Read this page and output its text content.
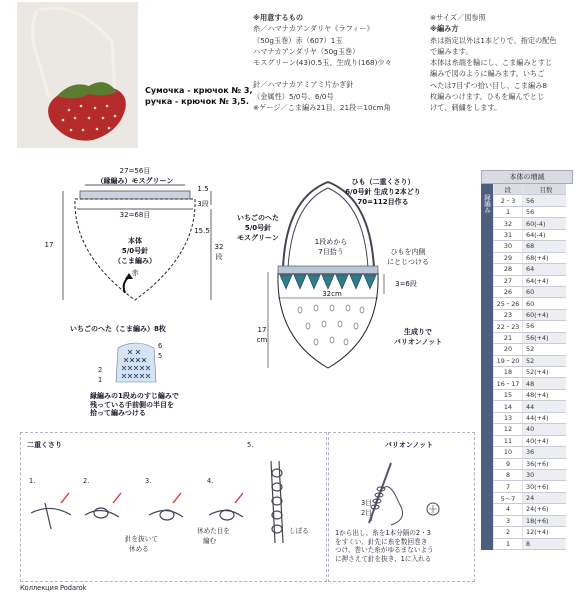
Сумочка - крючок № 3,
ручка - крючок № 3,5.
※用意するもの
糸／ハマナカアンダリヤ《ラフィー》
（50g玉巻）赤（607）1玉
ハマナカアンダリヤ（50g玉巻）
モスグリーン(43)0.5玉、生成り(168)少々
針／ハマナカアミアミ片かぎ針
（金属性）5/0号、6/0号
※ゲージ／こま編み21目、21段＝10cm角
※サイズ／図参照
※編み方
糸は指定以外は1本どりで、指定の配色
で編みます。
本体は糸端を輪にし、こま編みとすじ
編みで図のように編みます。いちご
へたは7目ずつ拾い目し、こま編み8
枚編みつけます。ひもを編んでとじ
けて、刺繍をします。
27=56目
（縁編み）モスグリーン
32=68目
17
1.5
3段
15.5
32
段
本体
5/0号針
（こま編み）
赤
いちごのへた（こま編み）8枚
6
5
2
1
縁編みの1段めのすじ編みで
残っている手前側の半目を
拾って編みつける
ひも（二重くさり）
6/0号針 生成り2本どり
70=112目作る
いちごのへた
5/0号針
モスグリーン	1段めから
7目拾う	ひもを内側
にとじつける
3=6段
32cm
17
cm
生成りで
バリオンノット
二重くさり
1.	2.	3.	4.
5.
針を抜いて
休める
休めた目を
編む
しぼる
バリオンノット
3目
2目
1から出し、糸を1本分隔の2・3
をすくい、針先に糸を数回巻き
つけ、巻いた糸がゆるまないよう
に押さえて針を抜き、1に入れる
本体の増減
縁編み
こま編み
段	目数
2・3	56
1	56
32	60(-4)
31	64(-4)
30	68
29	68(+4)
28	64
27	64(+4)
26	60
25・26	60
23	60(+4)
22・23	56
21	56(+4)
20	52
19・20	52
18	52(+4)
16・17	48
15	48(+4)
14	44
13	44(+4)
12	40
11	40(+4)
10	36
9	36(+6)
8	30
7	30(+6)
5〜7	24
4	24(+6)
3	18(+6)
2	12(+4)
1	8
Коллекция Podarok
